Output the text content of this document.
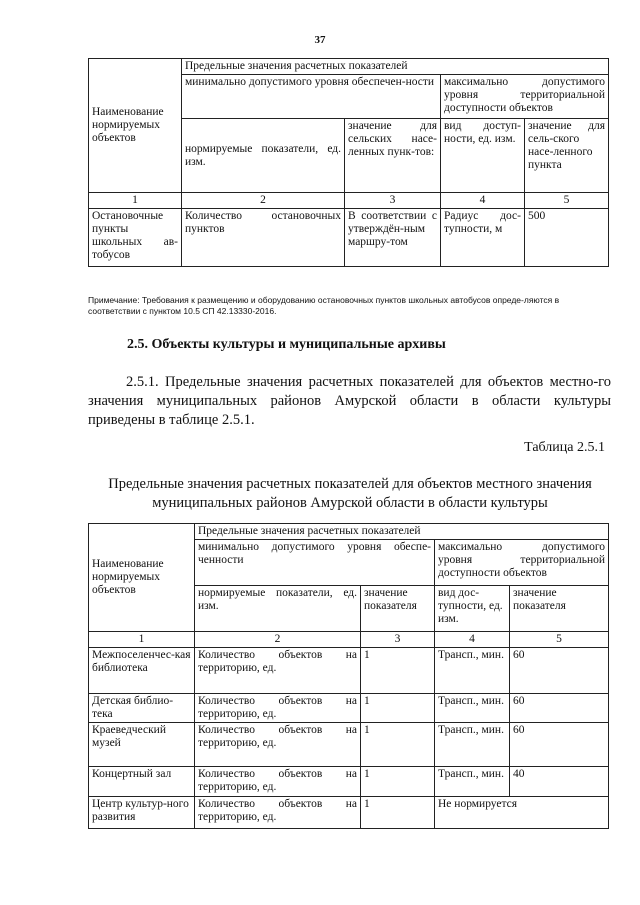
37
Наименование нормируемых объектов	Предельные значения расчетных показателей			
	минимально допустимого уровня обеспечен-ности		максимально допустимого уровня территориальной доступности объектов	
	нормируемые показатели, ед. изм.	значение для сельских насе-ленных пунк-тов:	вид доступ-ности, ед. изм.	значение для сель-ского насе-ленного пункта
1	2	3	4	5
Остановочные пункты школьных ав-тобусов	Количество остановочных пунктов	В соответствии с утверждён-ным маршру-том	Радиус дос-тупности, м	500
Примечание: Требования к размещению и оборудованию остановочных пунктов школьных автобусов опреде-ляются в соответствии с пунктом 10.5 СП 42.13330-2016.
2.5. Объекты культуры и муниципальные архивы
2.5.1. Предельные значения расчетных показателей для объектов местно-го значения муниципальных районов Амурской области в области культуры приведены в таблице 2.5.1.
Таблица 2.5.1
Предельные значения расчетных показателей для объектов местного значения
муниципальных районов Амурской области в области культуры
Наименование нормируемых объектов	Предельные значения расчетных показателей			
	минимально допустимого уровня обеспе-ченности		максимально допустимого уровня территориальной доступности объектов	
	нормируемые показатели, ед. изм.	значение показателя	вид дос-тупности, ед. изм.	значение показателя
1	2	3	4	5
Межпоселенчес-кая библиотека	Количество объектов на территорию, ед.	1	Трансп., мин.	60
Детская библио-тека	Количество объектов на территорию, ед.	1	Трансп., мин.	60
Краеведческий музей	Количество объектов на территорию, ед.	1	Трансп., мин.	60
Концертный зал	Количество объектов на территорию, ед.	1	Трансп., мин.	40
Центр культур-ного развития	Количество объектов на территорию, ед.	1	Не нормируется	
